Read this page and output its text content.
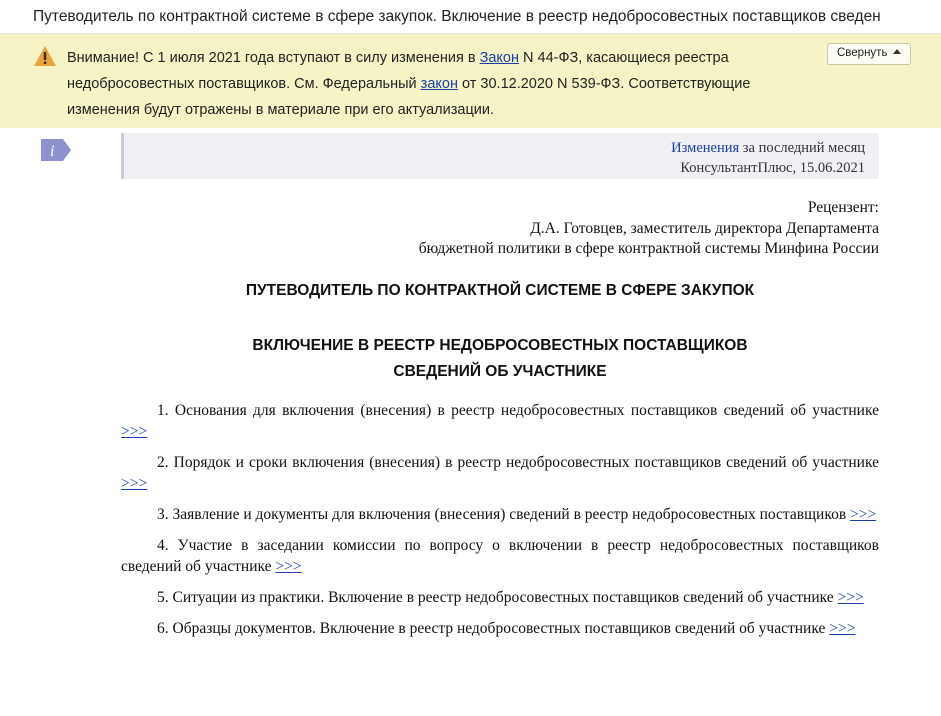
Путеводитель по контрактной системе в сфере закупок. Включение в реестр недобросовестных поставщиков сведен
Внимание! С 1 июля 2021 года вступают в силу изменения в Закон N 44-ФЗ, касающиеся реестра недобросовестных поставщиков. См. Федеральный закон от 30.12.2020 N 539-ФЗ. Соответствующие изменения будут отражены в материале при его актуализации.
Свернуть
i	Изменения за последний месяц
КонсультантПлюс, 15.06.2021
Рецензент:
Д.А. Готовцев, заместитель директора Департамента
бюджетной политики в сфере контрактной системы Минфина России
ПУТЕВОДИТЕЛЬ ПО КОНТРАКТНОЙ СИСТЕМЕ В СФЕРЕ ЗАКУПОК
ВКЛЮЧЕНИЕ В РЕЕСТР НЕДОБРОСОВЕСТНЫХ ПОСТАВЩИКОВ
СВЕДЕНИЙ ОБ УЧАСТНИКЕ
1. Основания для включения (внесения) в реестр недобросовестных поставщиков сведений об участнике >>>
2. Порядок и сроки включения (внесения) в реестр недобросовестных поставщиков сведений об участнике >>>
3. Заявление и документы для включения (внесения) сведений в реестр недобросовестных поставщиков >>>
4. Участие в заседании комиссии по вопросу о включении в реестр недобросовестных поставщиков сведений об участнике >>>
5. Ситуации из практики. Включение в реестр недобросовестных поставщиков сведений об участнике >>>
6. Образцы документов. Включение в реестр недобросовестных поставщиков сведений об участнике >>>
